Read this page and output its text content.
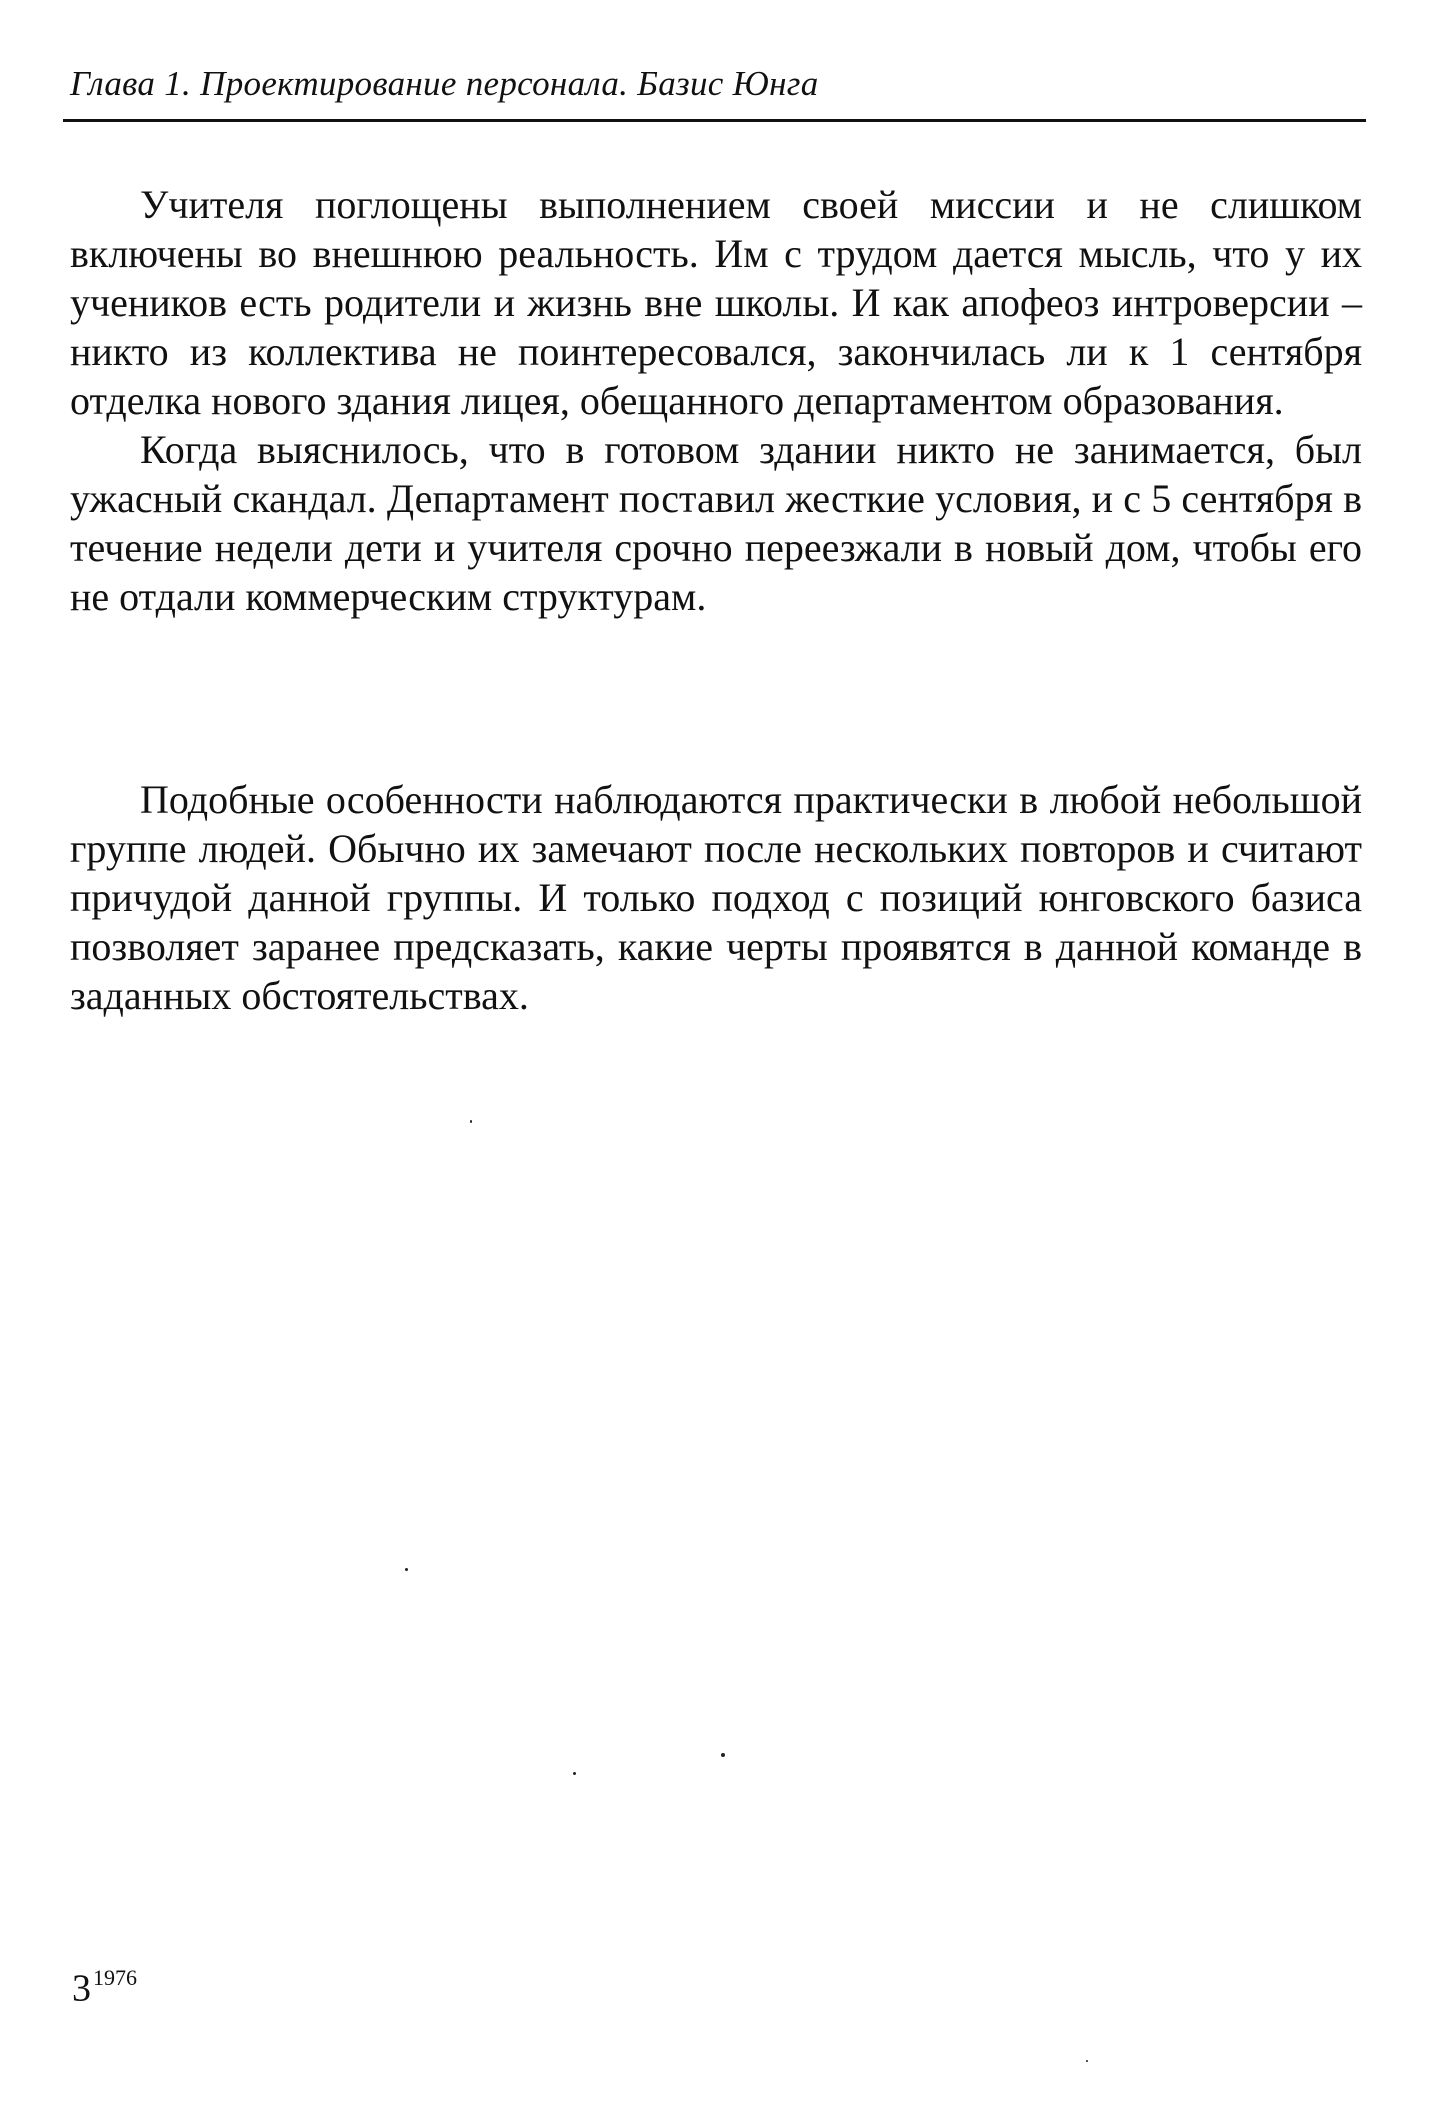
Глава 1. Проектирование персонала. Базис Юнга

Учителя поглощены выполнением своей миссии и не слишком включены во внешнюю реальность. Им с трудом дается мысль, что у их учеников есть родители и жизнь вне школы. И как апофеоз интроверсии – никто из коллектива не поинтересовался, закончилась ли к 1 сентября отделка нового здания лицея, обещанного департаментом образования.

Когда выяснилось, что в готовом здании никто не занимается, был ужасный скандал. Департамент поставил жесткие условия, и с 5 сентября в течение недели дети и учителя срочно переезжали в новый дом, чтобы его не отдали коммерческим структурам.

Подобные особенности наблюдаются практически в любой небольшой группе людей. Обычно их замечают после нескольких повторов и считают причудой данной группы. И только подход с позиций юнговского базиса позволяет заранее предсказать, какие черты проявятся в данной команде в заданных обстоятельствах.

$3^{1976}$
